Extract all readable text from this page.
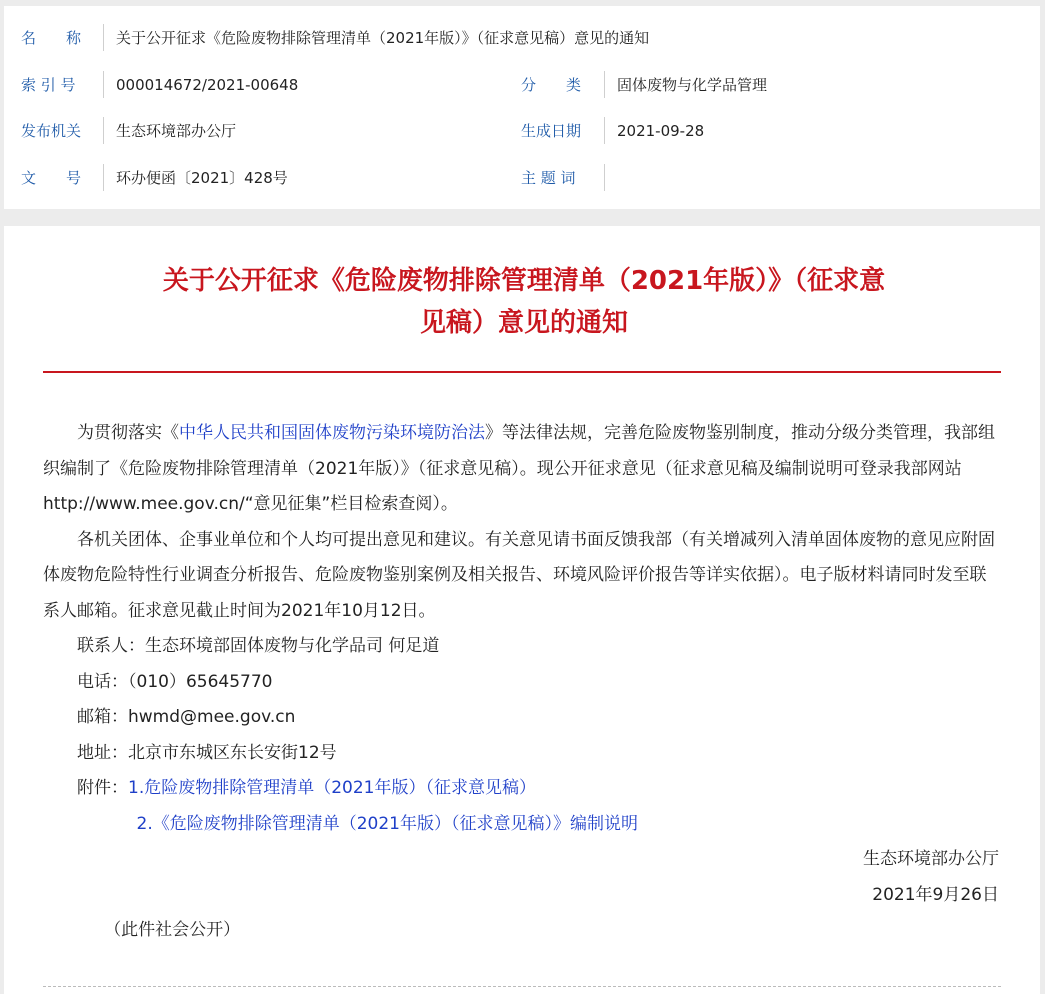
名　　称	关于公开征求《危险废物排除管理清单（2021年版）》（征求意见稿）意见的通知
索 引 号	000014672/2021-00648	分　　类 固体废物与化学品管理
发布机关 生态环境部办公厅	生成日期 2021-09-28
文　　号 环办便函〔2021〕428号	主 题 词
关于公开征求《危险废物排除管理清单（2021年版）》（征求意
见稿）意见的通知

为贯彻落实《中华人民共和国固体废物污染环境防治法》等法律法规，完善危险废物鉴别制度，推动分级分类管理，我部组织编制了《危险废物排除管理清单（2021年版）》（征求意见稿）。现公开征求意见（征求意见稿及编制说明可登录我部网站http://www.mee.gov.cn/“意见征集”栏目检索查阅）。

各机关团体、企事业单位和个人均可提出意见和建议。有关意见请书面反馈我部（有关增减列入清单固体废物的意见应附固体废物危险特性行业调查分析报告、危险废物鉴别案例及相关报告、环境风险评价报告等详实依据）。电子版材料请同时发至联系人邮箱。征求意见截止时间为2021年10月12日。

联系人：生态环境部固体废物与化学品司 何足道
电话：（010）65645770
邮箱：hwmd@mee.gov.cn
地址：北京市东城区东长安街12号
附件：1.危险废物排除管理清单（2021年版）（征求意见稿）
2.《危险废物排除管理清单（2021年版）（征求意见稿）》编制说明

生态环境部办公厅

2021年9月26日

（此件社会公开）
